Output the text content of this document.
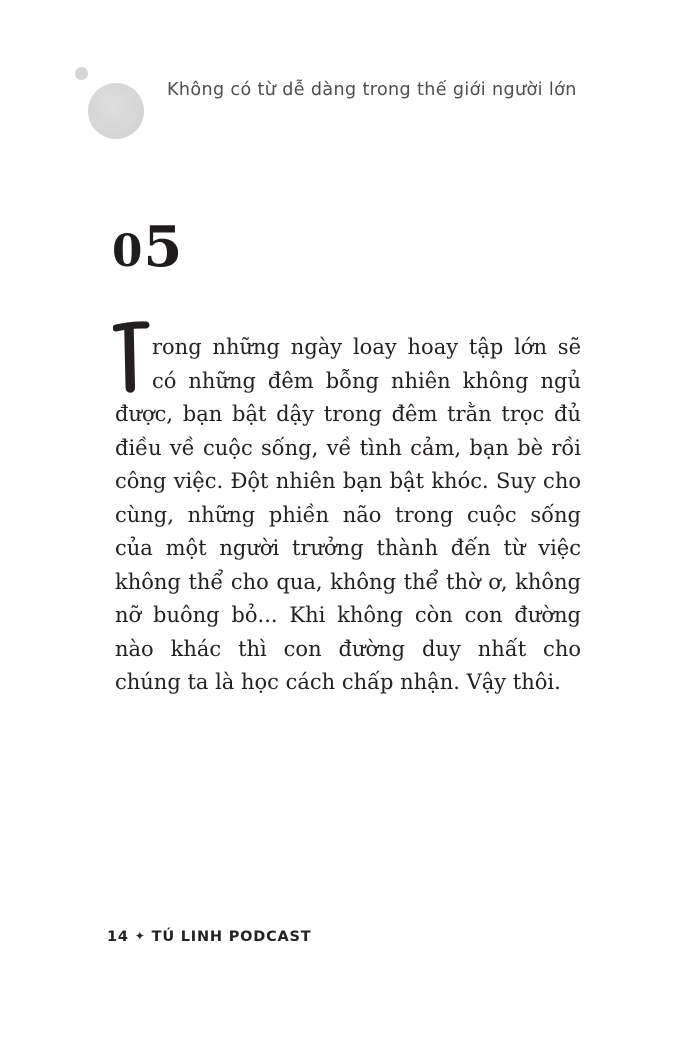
Không có từ dễ dàng trong thế giới người lớn
05
rong những ngày loay hoay tập lớn sẽ có những đêm bỗng nhiên không ngủ được, bạn bật dậy trong đêm trằn trọc đủ điều về cuộc sống, về tình cảm, bạn bè rồi công việc. Đột nhiên bạn bật khóc. Suy cho cùng, những phiền não trong cuộc sống của một người trưởng thành đến từ việc không thể cho qua, không thể thờ ơ, không nỡ buông bỏ... Khi không còn con đường nào khác thì con đường duy nhất cho chúng ta là học cách chấp nhận. Vậy thôi.
14 ✦ TÚ LINH PODCAST
